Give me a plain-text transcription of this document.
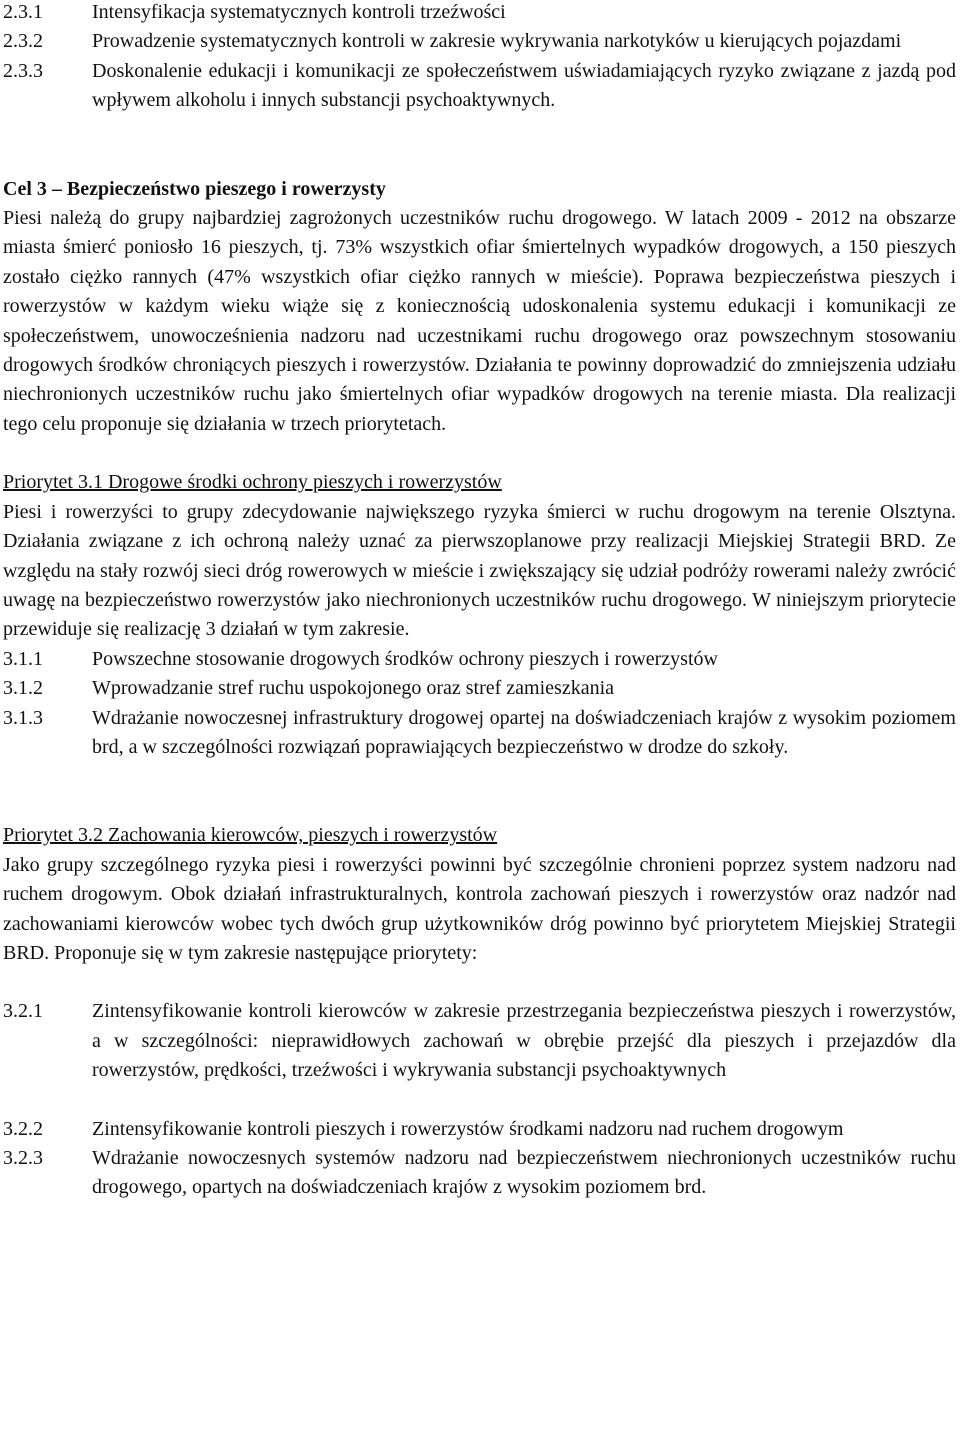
2.3.1	Intensyfikacja systematycznych kontroli trzeźwości
2.3.2	Prowadzenie systematycznych kontroli w zakresie wykrywania narkotyków u kierujących pojazdami
2.3.3	Doskonalenie edukacji i komunikacji ze społeczeństwem uświadamiających ryzyko związane z jazdą pod wpływem alkoholu i innych substancji psychoaktywnych.
Cel 3 – Bezpieczeństwo pieszego i rowerzysty

Piesi należą do grupy najbardziej zagrożonych uczestników ruchu drogowego. W latach 2009 - 2012 na obszarze miasta śmierć poniosło 16 pieszych, tj. 73% wszystkich ofiar śmiertelnych wypadków drogowych, a 150 pieszych zostało ciężko rannych (47% wszystkich ofiar ciężko rannych w mieście). Poprawa bezpieczeństwa pieszych i rowerzystów w każdym wieku wiąże się z koniecznością udoskonalenia systemu edukacji i komunikacji ze społeczeństwem, unowocześnienia nadzoru nad uczestnikami ruchu drogowego oraz powszechnym stosowaniu drogowych środków chroniących pieszych i rowerzystów. Działania te powinny doprowadzić do zmniejszenia udziału niechronionych uczestników ruchu jako śmiertelnych ofiar wypadków drogowych na terenie miasta. Dla realizacji tego celu proponuje się działania w trzech priorytetach.

Priorytet 3.1 Drogowe środki ochrony pieszych i rowerzystów

Piesi i rowerzyści to grupy zdecydowanie największego ryzyka śmierci w ruchu drogowym na terenie Olsztyna. Działania związane z ich ochroną należy uznać za pierwszoplanowe przy realizacji Miejskiej Strategii BRD. Ze względu na stały rozwój sieci dróg rowerowych w mieście i zwiększający się udział podróży rowerami należy zwrócić uwagę na bezpieczeństwo rowerzystów jako niechronionych uczestników ruchu drogowego. W niniejszym priorytecie przewiduje się realizację 3 działań w tym zakresie.

3.1.1	Powszechne stosowanie drogowych środków ochrony pieszych i rowerzystów
3.1.2	Wprowadzanie stref ruchu uspokojonego oraz stref zamieszkania
3.1.3	Wdrażanie nowoczesnej infrastruktury drogowej opartej na doświadczeniach krajów z wysokim poziomem brd, a w szczególności rozwiązań poprawiających bezpieczeństwo w drodze do szkoły.
Priorytet 3.2 Zachowania kierowców, pieszych i rowerzystów

Jako grupy szczególnego ryzyka piesi i rowerzyści powinni być szczególnie chronieni poprzez system nadzoru nad ruchem drogowym. Obok działań infrastrukturalnych, kontrola zachowań pieszych i rowerzystów oraz nadzór nad zachowaniami kierowców wobec tych dwóch grup użytkowników dróg powinno być priorytetem Miejskiej Strategii BRD. Proponuje się w tym zakresie następujące priorytety:

3.2.1	Zintensyfikowanie kontroli kierowców w zakresie przestrzegania bezpieczeństwa pieszych i rowerzystów, a w szczególności: nieprawidłowych zachowań w obrębie przejść dla pieszych i przejazdów dla rowerzystów, prędkości, trzeźwości i wykrywania substancji psychoaktywnych
3.2.2	Zintensyfikowanie kontroli pieszych i rowerzystów środkami nadzoru nad ruchem drogowym
3.2.3	Wdrażanie nowoczesnych systemów nadzoru nad bezpieczeństwem niechronionych uczestników ruchu drogowego, opartych na doświadczeniach krajów z wysokim poziomem brd.
